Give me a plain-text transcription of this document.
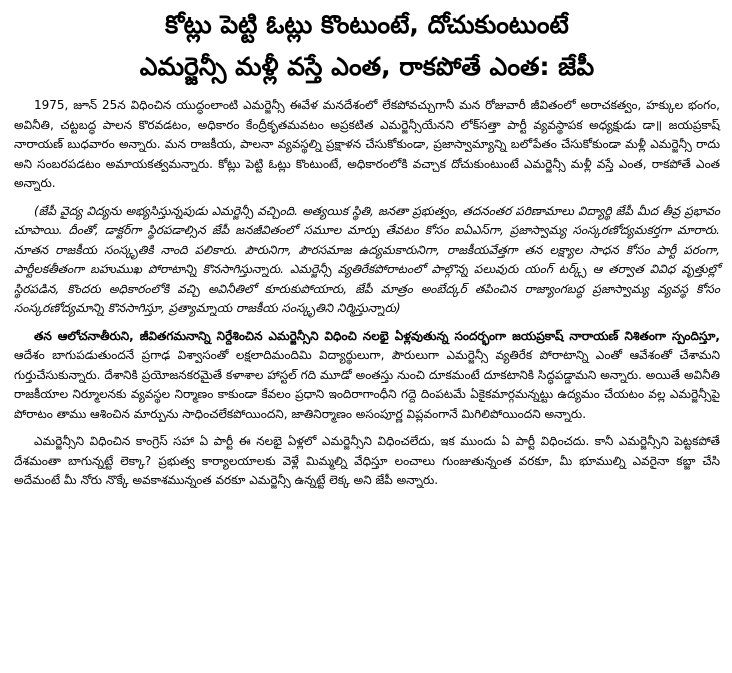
కోట్లు పెట్టి ఓట్లు కొంటుంటే, దోచుకుంటుంటే
ఎమర్జెన్సీ మళ్లీ వస్తే ఎంత, రాకపోతే ఎంత: జేపీ

1975, జూన్ 25న విధించిన యుద్ధంలాంటి ఎమర్జెన్సీ ఈవేళ మనదేశంలో లేకపోవచ్చుగానీ మన రోజువారీ జీవితంలో అరాచకత్వం, హక్కుల భంగం, అవినీతి, చట్టబద్ధ పాలన కొరవడటం, అధికారం కేంద్రీకృతమవటం అప్రకటిత ఎమర్జెన్సీయేనని లోక్‌సత్తా పార్టీ వ్యవస్థాపక అధ్యక్షుడు డా॥ జయప్రకాష్ నారాయణ్ బుధవారం అన్నారు. మన రాజకీయ, పాలనా వ్యవస్థల్ని ప్రక్షాళన చేసుకోకుండా, ప్రజాస్వామ్యాన్ని బలోపేతం చేసుకోకుండా మళ్లీ ఎమర్జెన్సీ రాదు అని సంబరపడటం అమాయకత్వమన్నారు. కోట్లు పెట్టి ఓట్లు కొంటుంటే, అధికారంలోకి వచ్చాక దోచుకుంటుంటే ఎమర్జెన్సీ మళ్లీ వస్తే ఎంత, రాకపోతే ఎంత అన్నారు.

(జేపీ వైద్య విద్యను అభ్యసిస్తున్నపుడు ఎమర్జెన్సీ వచ్చింది. అత్యయిక స్థితి, జనతా ప్రభుత్వం, తదనంతర పరిణామాలు విద్యార్థి జేపీ మీద తీవ్ర ప్రభావం చూపాయి. దీంతో, డాక్టర్‌గా స్థిరపడాల్సిన జేపీ జనజీవితంలో సమూల మార్పు తేవటం కోసం ఐఏఎస్‌గా, ప్రజాస్వామ్య సంస్కరణోద్యమకర్తగా మారారు. నూతన రాజకీయ సంస్కృతికి నాంది పలికారు. పౌరునిగా, పౌరసమాజ ఉద్యమకారునిగా, రాజకీయవేత్తగా తన లక్ష్యాల సాధన కోసం పార్టీ పరంగా, పార్టీలకతీతంగా బహుముఖ పోరాటాన్ని కొనసాగిస్తున్నారు. ఎమర్జెన్సీ వ్యతిరేకపోరాటంలో పాల్గొన్న పలువురు యంగ్ టర్క్స్ ఆ తర్వాత వివిధ వృత్తుల్లో స్థిరపడిన, కొందరు అధికారంలోకి వచ్చి అవినీతిలో కూరుకుపోయారు, జేపీ మాత్రం అంబేద్కర్ తపించిన రాజ్యాంగబద్ధ ప్రజాస్వామ్య వ్యవస్థ కోసం సంస్కరణోద్యమాన్ని కొనసాగిస్తూ, ప్రత్యామ్నాయ రాజకీయ సంస్కృతిని నిర్మిస్తున్నారు)

తన ఆలోచనాతీరుని, జీవితగమనాన్ని నిర్దేశించిన ఎమర్జెన్సీని విధించి నలభై ఏళ్లవుతున్న సందర్భంగా జయప్రకాష్ నారాయణ్ నిశితంగా స్పందిస్తూ, ఆదేశం బాగుపడుతుందనే ప్రగాఢ విశ్వాసంతో లక్షలాదిమందిమి విద్యార్థులుగా, పౌరులుగా ఎమర్జెన్సీ వ్యతిరేక పోరాటాన్ని ఎంతో ఆవేశంతో చేశామని గుర్తుచేసుకున్నారు. దేశానికి ప్రయోజనకరమైతే కళాశాల హాస్టల్ గది మూడో అంతస్తు నుంచి దూకమంటే దూకటానికి సిద్ధపడ్డామని అన్నారు. అయితే అవినీతి రాజకీయాల నిర్మూలనకు వ్యవస్థల నిర్మాణం కాకుండా కేవలం ప్రధాని ఇందిరాగాంధీని గద్దె దింపటమే ఏకైకమార్గమన్నట్టు ఉద్యమం చేయటం వల్ల ఎమర్జెన్సీపై పోరాటం తాము ఆశించిన మార్పును సాధించలేకపోయిందని, జాతినిర్మాణం అసంపూర్ణ విప్లవంగానే మిగిలిపోయిందని అన్నారు.

ఎమర్జెన్సీని విధించిన కాంగ్రెస్ సహా ఏ పార్టీ ఈ నలభై ఏళ్లలో ఎమర్జెన్సీని విధించలేదు, ఇక ముందు ఏ పార్టీ విధించదు. కానీ ఎమర్జెన్సీని పెట్టకపోతే దేశమంతా బాగున్నట్టే లెక్కా? ప్రభుత్వ కార్యాలయాలకు వెళ్లే మిమ్మల్ని వేధిస్తూ లంచాలు గుంజుతున్నంత వరకూ, మీ భూముల్ని ఎవరైనా కబ్జా చేసి అదేమంటే మీ నోరు నొక్కే అవకాశమున్నంత వరకూ ఎమర్జెన్సీ ఉన్నట్టే లెక్క అని జేపీ అన్నారు.
